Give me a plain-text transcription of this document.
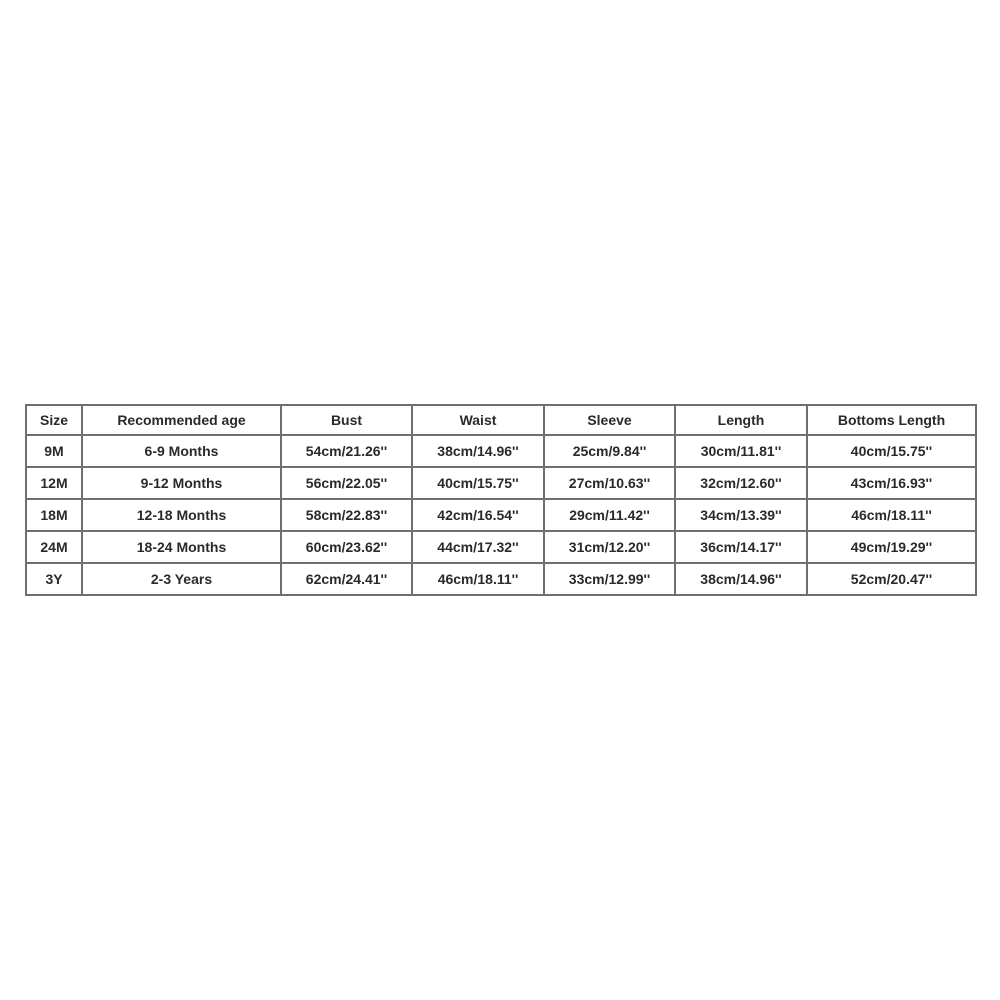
Size	Recommended age	Bust	Waist	Sleeve	Length	Bottoms Length
9M	6-9 Months	54cm/21.26''	38cm/14.96''	25cm/9.84''	30cm/11.81''	40cm/15.75''
12M	9-12 Months	56cm/22.05''	40cm/15.75''	27cm/10.63''	32cm/12.60''	43cm/16.93''
18M	12-18 Months	58cm/22.83''	42cm/16.54''	29cm/11.42''	34cm/13.39''	46cm/18.11''
24M	18-24 Months	60cm/23.62''	44cm/17.32''	31cm/12.20''	36cm/14.17''	49cm/19.29''
3Y	2-3 Years	62cm/24.41''	46cm/18.11''	33cm/12.99''	38cm/14.96''	52cm/20.47''
